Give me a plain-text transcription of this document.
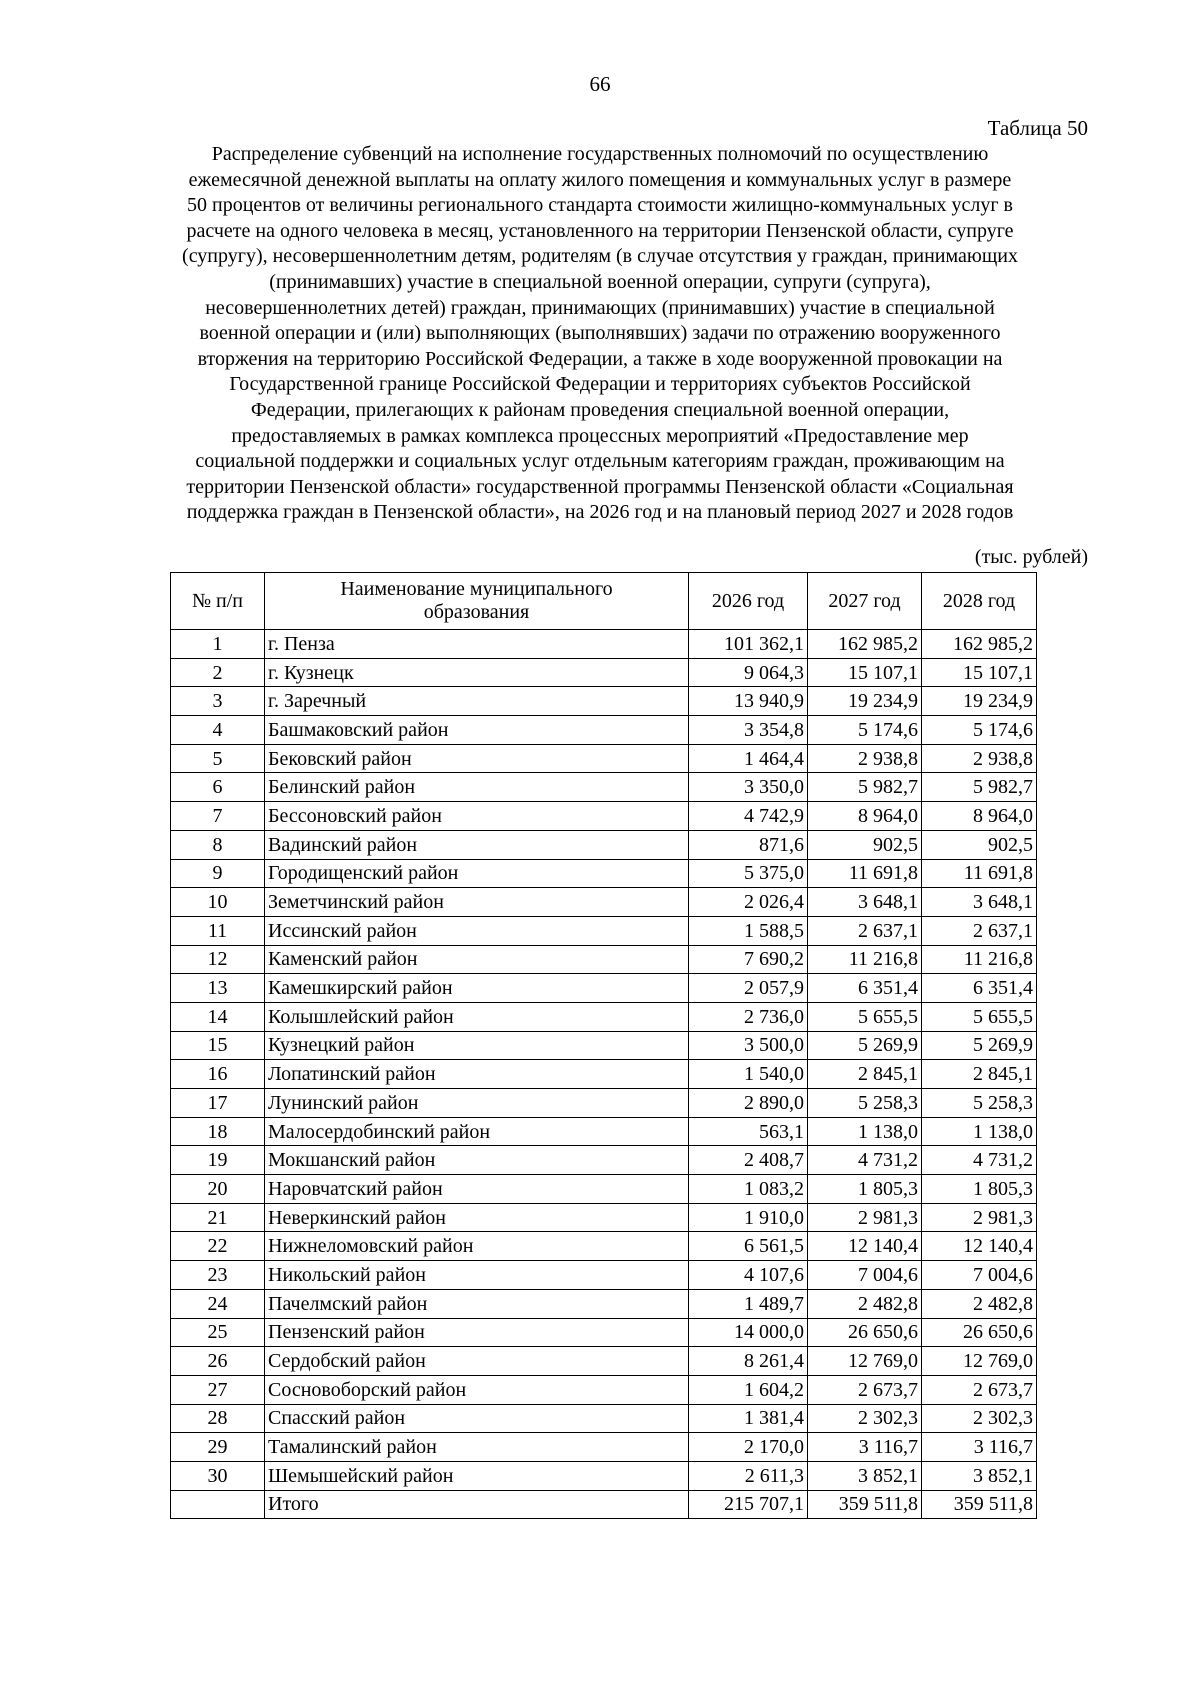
66
Таблица 50
Распределение субвенций на исполнение государственных полномочий по осуществлению
ежемесячной денежной выплаты на оплату жилого помещения и коммунальных услуг в размере
50 процентов от величины регионального стандарта стоимости жилищно-коммунальных услуг в
расчете на одного человека в месяц, установленного на территории Пензенской области, супруге
(супругу), несовершеннолетним детям, родителям (в случае отсутствия у граждан, принимающих
(принимавших) участие в специальной военной операции, супруги (супруга),
несовершеннолетних детей) граждан, принимающих (принимавших) участие в специальной
военной операции и (или) выполняющих (выполнявших) задачи по отражению вооруженного
вторжения на территорию Российской Федерации, а также в ходе вооруженной провокации на
Государственной границе Российской Федерации и территориях субъектов Российской
Федерации, прилегающих к районам проведения специальной военной операции,
предоставляемых в рамках комплекса процессных мероприятий «Предоставление мер
социальной поддержки и социальных услуг отдельным категориям граждан, проживающим на
территории Пензенской области» государственной программы Пензенской области «Социальная
поддержка граждан в Пензенской области», на 2026 год и на плановый период 2027 и 2028 годов
(тыс. рублей)
№ п/п	Наименование муниципального образования	2026 год	2027 год	2028 год
1	г. Пенза	101 362,1	162 985,2	162 985,2
2	г. Кузнецк	9 064,3	15 107,1	15 107,1
3	г. Заречный	13 940,9	19 234,9	19 234,9
4	Башмаковский район	3 354,8	5 174,6	5 174,6
5	Бековский район	1 464,4	2 938,8	2 938,8
6	Белинский район	3 350,0	5 982,7	5 982,7
7	Бессоновский район	4 742,9	8 964,0	8 964,0
8	Вадинский район	871,6	902,5	902,5
9	Городищенский район	5 375,0	11 691,8	11 691,8
10	Земетчинский район	2 026,4	3 648,1	3 648,1
11	Иссинский район	1 588,5	2 637,1	2 637,1
12	Каменский район	7 690,2	11 216,8	11 216,8
13	Камешкирский район	2 057,9	6 351,4	6 351,4
14	Колышлейский район	2 736,0	5 655,5	5 655,5
15	Кузнецкий район	3 500,0	5 269,9	5 269,9
16	Лопатинский район	1 540,0	2 845,1	2 845,1
17	Лунинский район	2 890,0	5 258,3	5 258,3
18	Малосердобинский район	563,1	1 138,0	1 138,0
19	Мокшанский район	2 408,7	4 731,2	4 731,2
20	Наровчатский район	1 083,2	1 805,3	1 805,3
21	Неверкинский район	1 910,0	2 981,3	2 981,3
22	Нижнеломовский район	6 561,5	12 140,4	12 140,4
23	Никольский район	4 107,6	7 004,6	7 004,6
24	Пачелмский район	1 489,7	2 482,8	2 482,8
25	Пензенский район	14 000,0	26 650,6	26 650,6
26	Сердобский район	8 261,4	12 769,0	12 769,0
27	Сосновоборский район	1 604,2	2 673,7	2 673,7
28	Спасский район	1 381,4	2 302,3	2 302,3
29	Тамалинский район	2 170,0	3 116,7	3 116,7
30	Шемышейский район	2 611,3	3 852,1	3 852,1
	Итого	215 707,1	359 511,8	359 511,8
